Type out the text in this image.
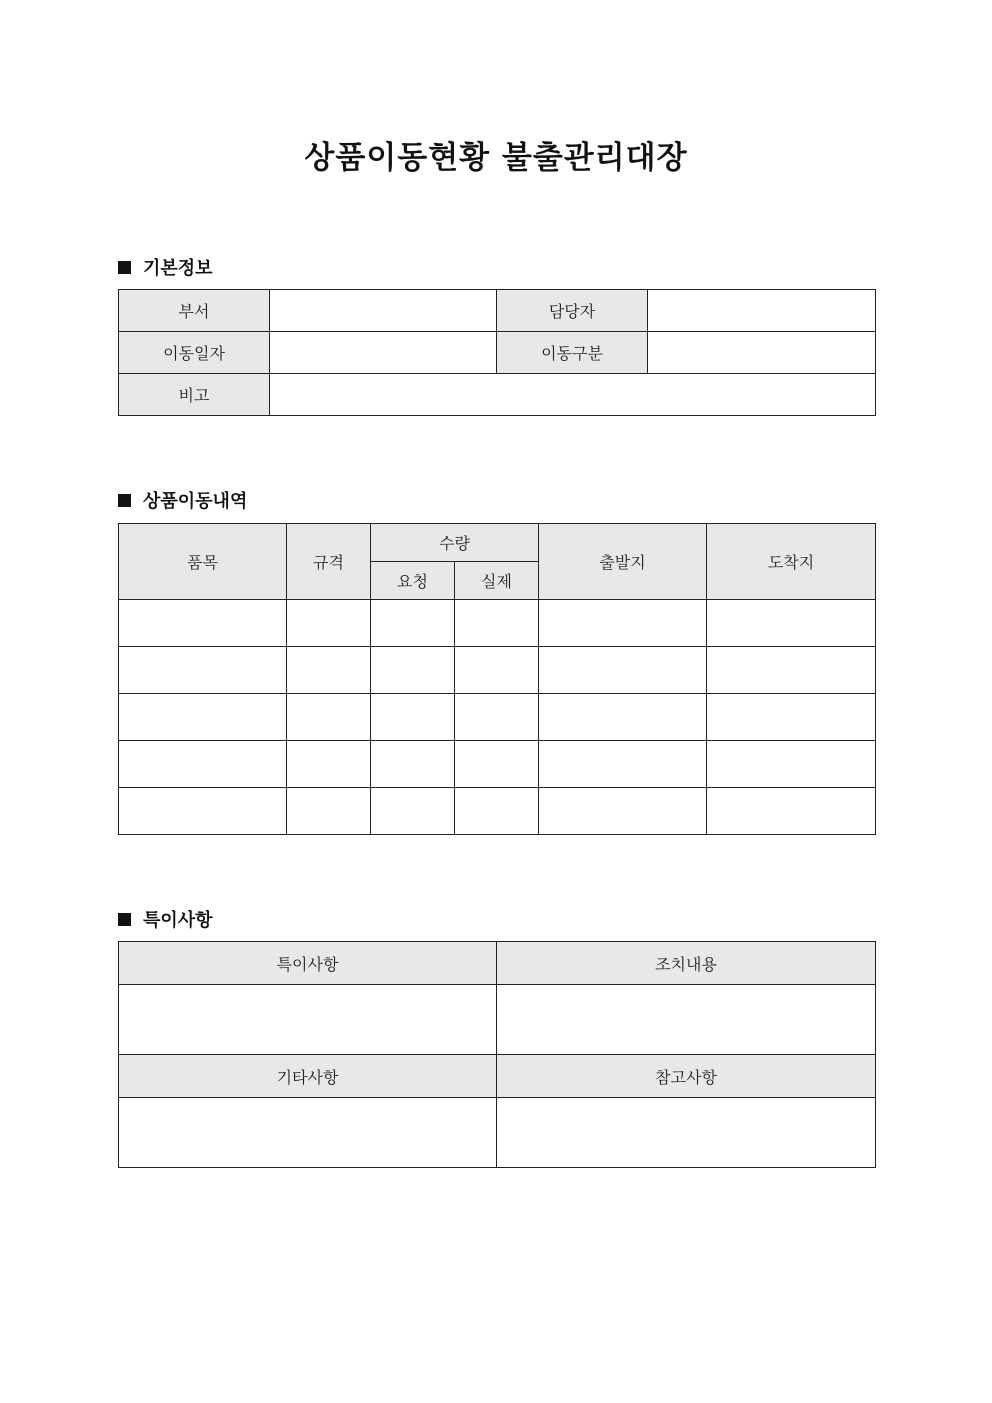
상품이동현황 불출관리대장
기본정보
부서		담당자	
이동일자		이동구분	
비고			
상품이동내역
품목	규격	수량		출발지	도착지
		요청	실제		

특이사항
특이사항	조치내용

기타사항	참고사항
